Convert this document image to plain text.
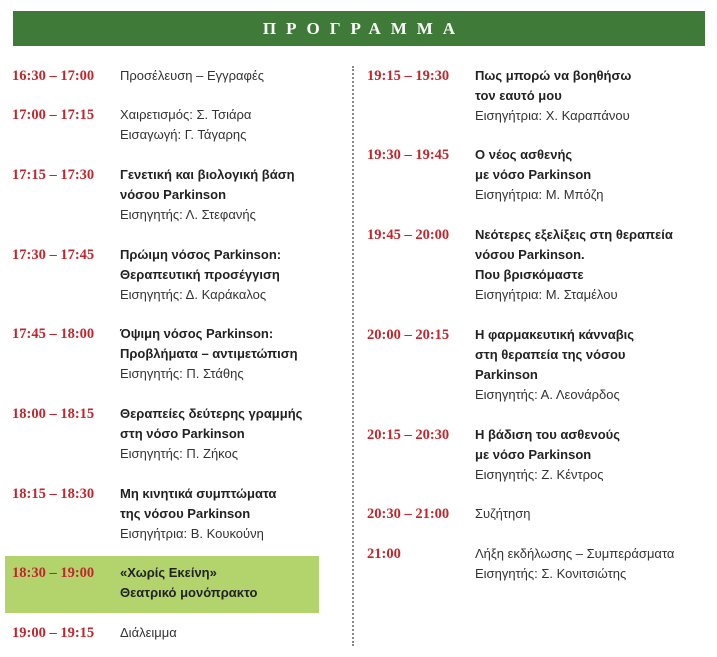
ΠΡΟΓΡΑΜΜΑ
16:30 – 17:00	Προσέλευση – Εγγραφές
17:00 – 17:15	Χαιρετισμός: Σ. Τσιάρα
Εισαγωγή: Γ. Τάγαρης
17:15 – 17:30	Γενετική και βιολογική βάση
νόσου Parkinson
Εισηγητής: Λ. Στεφανής
17:30 – 17:45	Πρώιμη νόσος Parkinson:
Θεραπευτική προσέγγιση
Εισηγητής: Δ. Καράκαλος
17:45 – 18:00	Όψιμη νόσος Parkinson:
Προβλήματα – αντιμετώπιση
Εισηγητής: Π. Στάθης
18:00 – 18:15	Θεραπείες δεύτερης γραμμής
στη νόσο Parkinson
Εισηγητής: Π. Ζήκος
18:15 – 18:30	Μη κινητικά συμπτώματα
της νόσου Parkinson
Εισηγήτρια: Β. Κουκούνη
18:30 – 19:00	«Χωρίς Εκείνη»
Θεατρικό μονόπρακτο
19:00 – 19:15	Διάλειμμα
19:15 – 19:30	Πως μπορώ να βοηθήσω
τον εαυτό μου
Εισηγήτρια: Χ. Καραπάνου
19:30 – 19:45	Ο νέος ασθενής
με νόσο Parkinson
Εισηγήτρια: Μ. Μπόζη
19:45 – 20:00	Νεότερες εξελίξεις στη θεραπεία
νόσου Parkinson.
Που βρισκόμαστε
Εισηγήτρια: Μ. Σταμέλου
20:00 – 20:15	Η φαρμακευτική κάνναβις
στη θεραπεία της νόσου
Parkinson
Εισηγητής: Α. Λεονάρδος
20:15 – 20:30	Η βάδιση του ασθενούς
με νόσο Parkinson
Εισηγητής: Ζ. Κέντρος
20:30 – 21:00	Συζήτηση
21:00	Λήξη εκδήλωσης – Συμπεράσματα
Εισηγητής: Σ. Κονιτσιώτης
